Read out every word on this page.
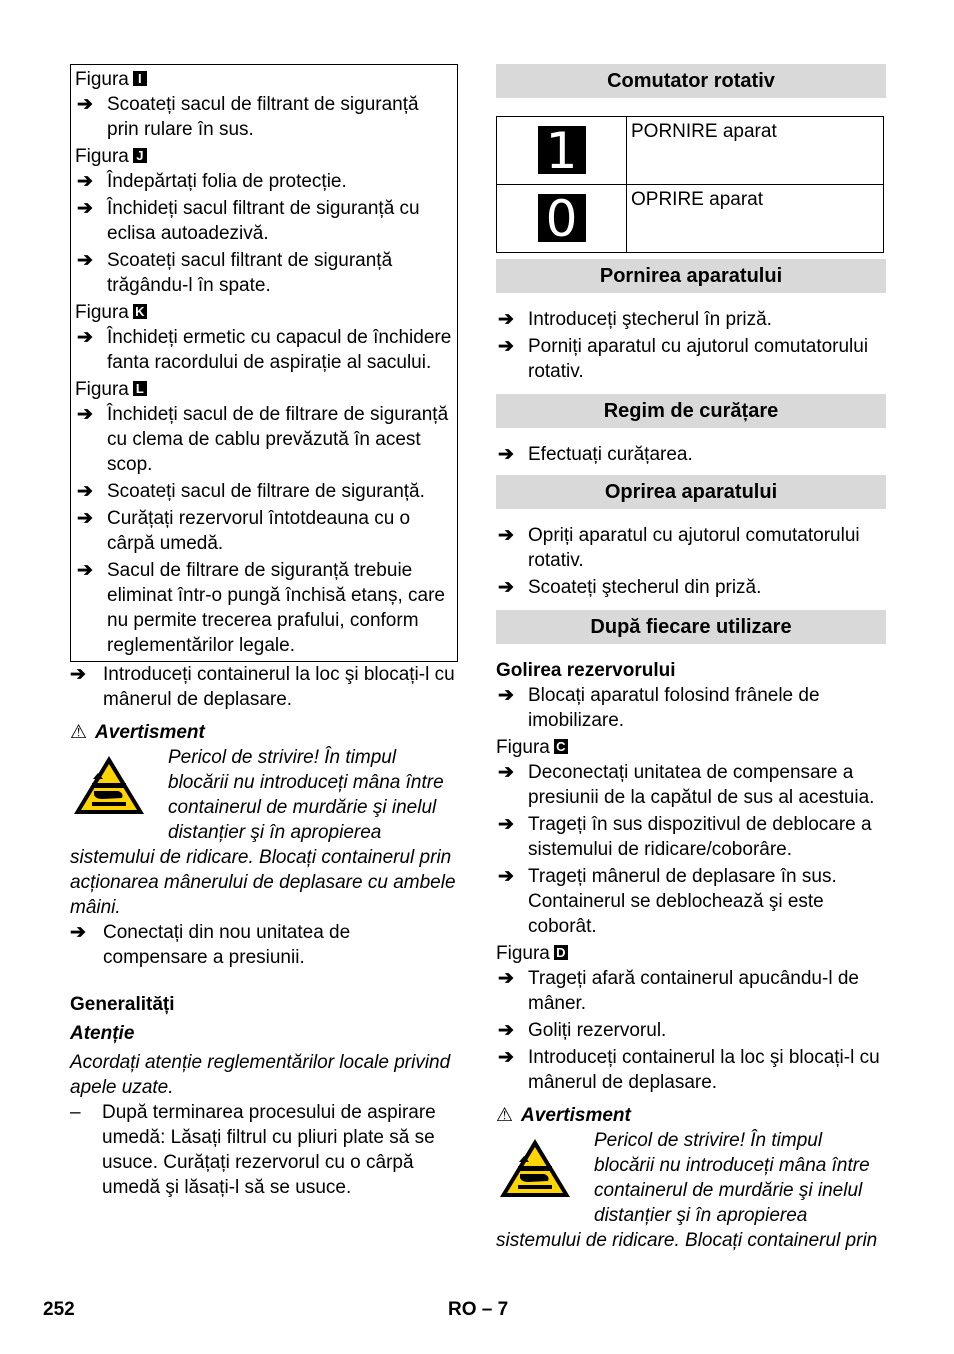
Figura I
➔ Scoateți sacul de filtrant de siguranță prin rulare în sus.
Figura J
➔ Îndepărtați folia de protecție.
➔ Închideți sacul filtrant de siguranță cu eclisa autoadezivă.
➔ Scoateți sacul filtrant de siguranță trăgându-l în spate.
Figura K
➔ Închideți ermetic cu capacul de închidere fanta racordului de aspirație al sacului.
Figura L
➔ Închideți sacul de de filtrare de siguranță cu clema de cablu prevăzută în acest scop.
➔ Scoateți sacul de filtrare de siguranță.
➔ Curățați rezervorul întotdeauna cu o cârpă umedă.
➔ Sacul de filtrare de siguranță trebuie eliminat într-o pungă închisă etanș, care nu permite trecerea prafului, conform reglementărilor legale.
➔ Introduceți containerul la loc şi blocați-l cu mânerul de deplasare.
⚠ Avertisment
Pericol de strivire! În timpul blocării nu introduceți mâna între containerul de murdărie şi inelul distanțier şi în apropierea sistemului de ridicare. Blocați containerul prin acționarea mânerului de deplasare cu ambele mâini.
➔ Conectați din nou unitatea de compensare a presiunii.
Generalități
Atenție
Acordați atenție reglementărilor locale privind apele uzate.
– După terminarea procesului de aspirare umedă: Lăsați filtrul cu pliuri plate să se usuce. Curățați rezervorul cu o cârpă umedă şi lăsați-l să se usuce.
Comutator rotativ
1	PORNIRE aparat
0	OPRIRE aparat
Pornirea aparatului
➔ Introduceți ştecherul în priză.
➔ Porniți aparatul cu ajutorul comutatorului rotativ.
Regim de curățare
➔ Efectuați curățarea.
Oprirea aparatului
➔ Opriți aparatul cu ajutorul comutatorului rotativ.
➔ Scoateți ştecherul din priză.
După fiecare utilizare
Golirea rezervorului
➔ Blocați aparatul folosind frânele de imobilizare.
Figura C
➔ Deconectați unitatea de compensare a presiunii de la capătul de sus al acestuia.
➔ Trageți în sus dispozitivul de deblocare a sistemului de ridicare/coborâre.
➔ Trageți mânerul de deplasare în sus. Containerul se deblochează şi este coborât.
Figura D
➔ Trageți afară containerul apucându-l de mâner.
➔ Goliți rezervorul.
➔ Introduceți containerul la loc şi blocați-l cu mânerul de deplasare.
⚠ Avertisment
Pericol de strivire! În timpul blocării nu introduceți mâna între containerul de murdărie şi inelul distanțier şi în apropierea sistemului de ridicare. Blocați containerul prin
252	RO – 7
